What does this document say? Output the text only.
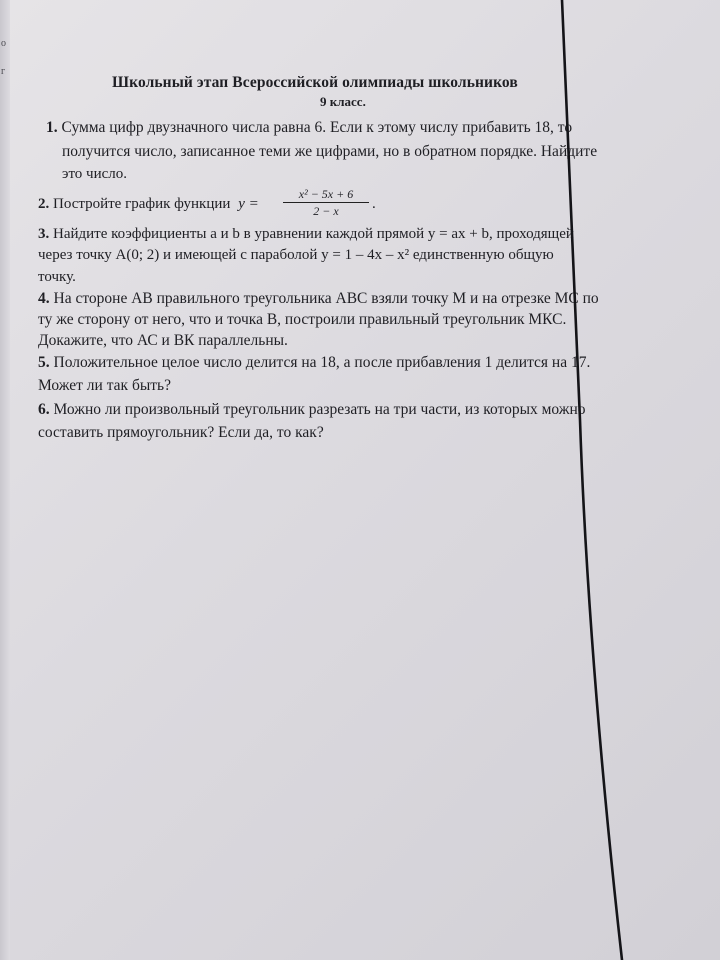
о
г
Школьный этап Всероссийской олимпиады школьников
9 класс.
1. Сумма цифр двузначного числа равна 6. Если к этому числу прибавить 18, то
получится число, записанное теми же цифрами, но в обратном порядке. Найдите
это число.
2. Постройте график функции $y = \frac{\text{x² − 5x + 6}}{2 - x}$ .
3. Найдите коэффициенты a и b в уравнении каждой прямой y = ax + b, проходящей
через точку A(0; 2) и имеющей с параболой y = 1 – 4x – x² единственную общую
точку.
4. На стороне АВ правильного треугольника АВС взяли точку М и на отрезке МС по
ту же сторону от него, что и точка В, построили правильный треугольник МКС.
Докажите, что АС и ВК параллельны.
5. Положительное целое число делится на 18, а после прибавления 1 делится на 17.
Может ли так быть?
6. Можно ли произвольный треугольник разрезать на три части, из которых можно
составить прямоугольник? Если да, то как?
